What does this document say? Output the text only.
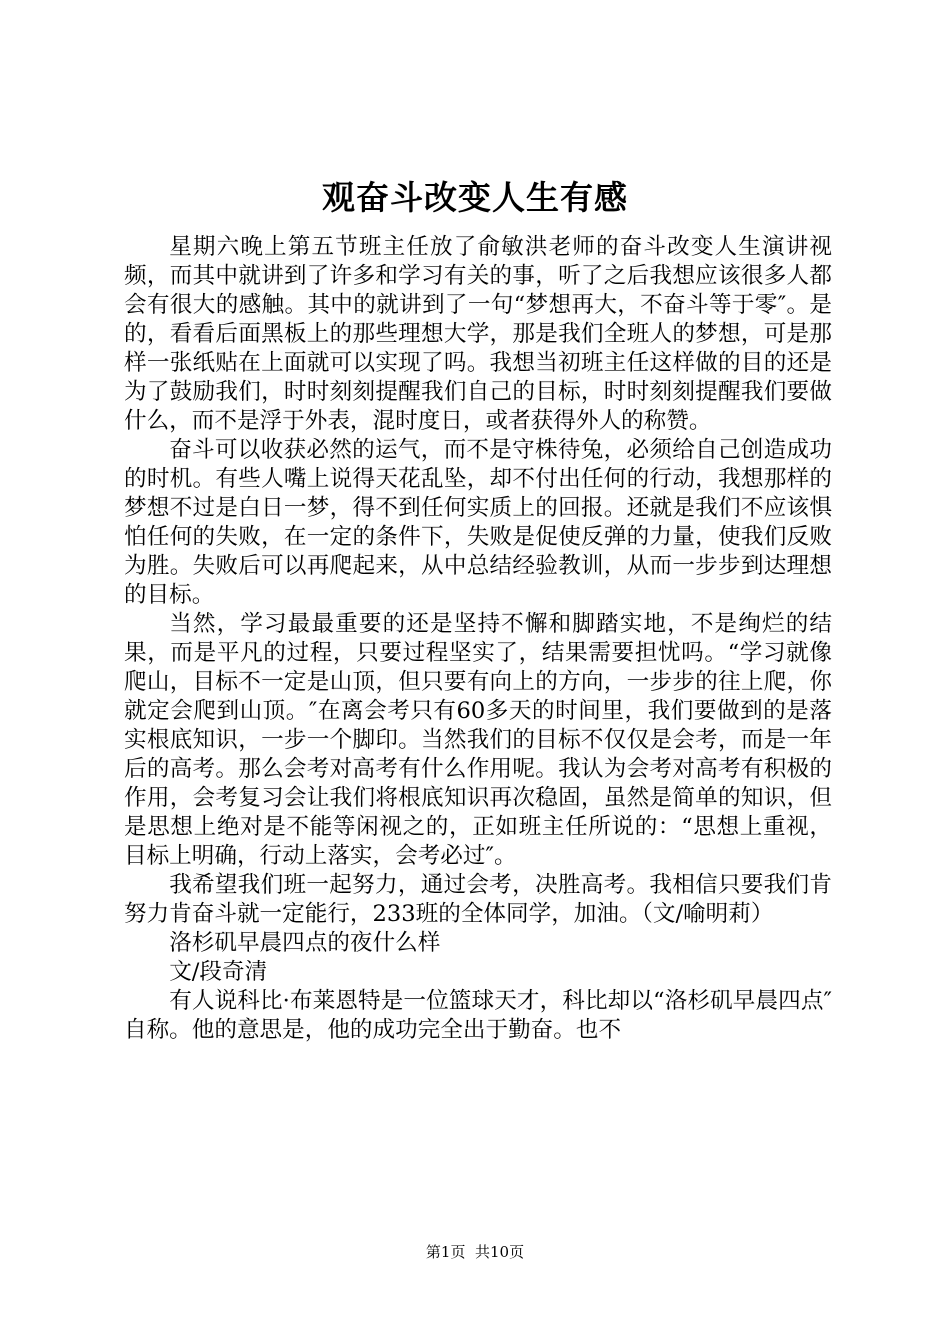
观奋斗改变人生有感

星期六晚上第五节班主任放了俞敏洪老师的奋斗改变人生演讲视频，而其中就讲到了许多和学习有关的事，听了之后我想应该很多人都会有很大的感触。其中的就讲到了一句“梦想再大，不奋斗等于零″。是的，看看后面黑板上的那些理想大学，那是我们全班人的梦想，可是那样一张纸贴在上面就可以实现了吗。我想当初班主任这样做的目的还是为了鼓励我们，时时刻刻提醒我们自己的目标，时时刻刻提醒我们要做什么，而不是浮于外表，混时度日，或者获得外人的称赞。

奋斗可以收获必然的运气，而不是守株待兔，必须给自己创造成功的时机。有些人嘴上说得天花乱坠，却不付出任何的行动，我想那样的梦想不过是白日一梦，得不到任何实质上的回报。还就是我们不应该惧怕任何的失败，在一定的条件下，失败是促使反弹的力量，使我们反败为胜。失败后可以再爬起来，从中总结经验教训，从而一步步到达理想的目标。

当然，学习最最重要的还是坚持不懈和脚踏实地，不是绚烂的结果，而是平凡的过程，只要过程坚实了，结果需要担忧吗。“学习就像爬山，目标不一定是山顶，但只要有向上的方向，一步步的往上爬，你就定会爬到山顶。″在离会考只有60多天的时间里，我们要做到的是落实根底知识，一步一个脚印。当然我们的目标不仅仅是会考，而是一年后的高考。那么会考对高考有什么作用呢。我认为会考对高考有积极的作用，会考复习会让我们将根底知识再次稳固，虽然是简单的知识，但是思想上绝对是不能等闲视之的，正如班主任所说的：“思想上重视，目标上明确，行动上落实，会考必过″。

我希望我们班一起努力，通过会考，决胜高考。我相信只要我们肯努力肯奋斗就一定能行，233班的全体同学，加油。（文/喻明莉）

洛杉矶早晨四点的夜什么样

文/段奇清

有人说科比·布莱恩特是一位篮球天才，科比却以“洛杉矶早晨四点″自称。他的意思是，他的成功完全出于勤奋。也不

第1页 共10页
